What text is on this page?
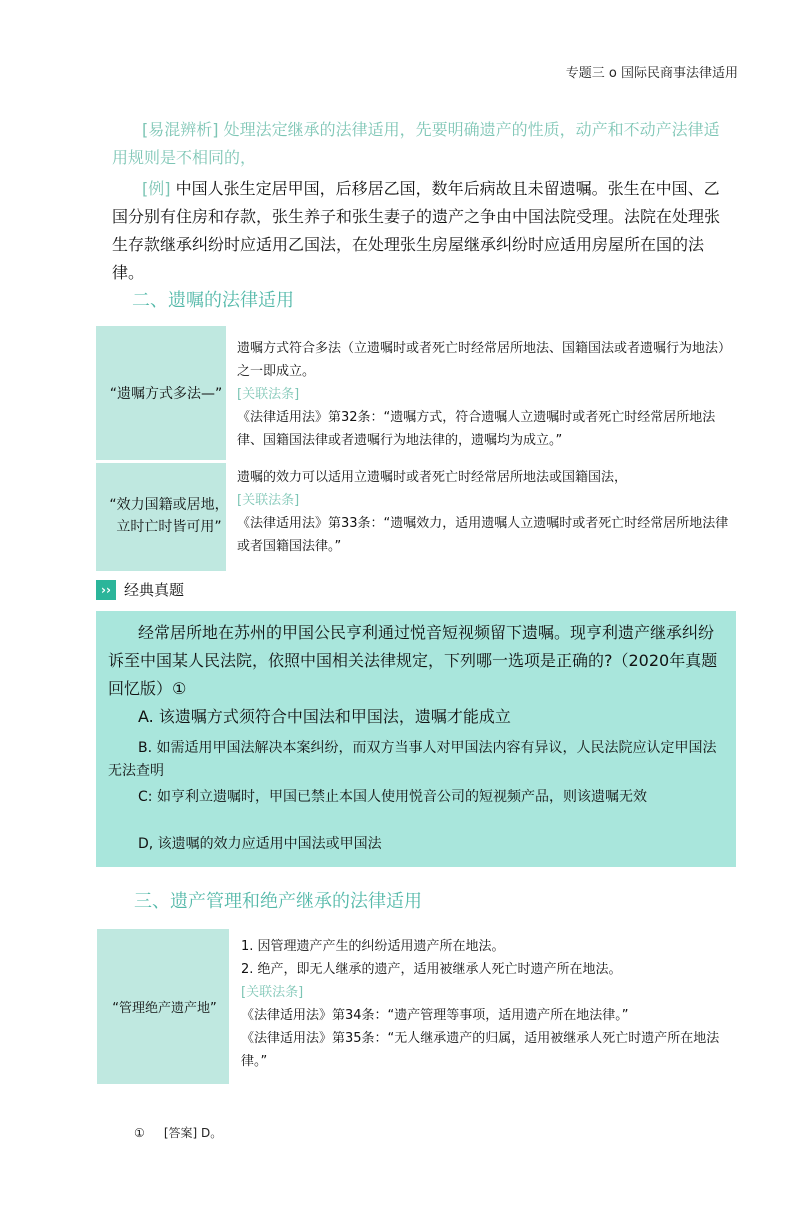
专题三 o 国际民商事法律适用
[易混辨析] 处理法定继承的法律适用，先要明确遗产的性质，动产和不动产法律适用规则是不相同的，
[例] 中国人张生定居甲国，后移居乙国，数年后病故且未留遗嘱。张生在中国、乙国分别有住房和存款，张生养子和张生妻子的遗产之争由中国法院受理。法院在处理张生存款继承纠纷时应适用乙国法，在处理张生房屋继承纠纷时应适用房屋所在国的法律。
二、遗嘱的法律适用
“遗嘱方式多法—”
遗嘱方式符合多法（立遗嘱时或者死亡时经常居所地法、国籍国法或者遗嘱行为地法）之一即成立。
[关联法条]
《法律适用法》第32条：“遗嘱方式，符合遗嘱人立遗嘱时或者死亡时经常居所地法律、国籍国法律或者遗嘱行为地法律的，遗嘱均为成立。”
“效力国籍或居地，立时亡时皆可用”
遗嘱的效力可以适用立遗嘱时或者死亡时经常居所地法或国籍国法，
[关联法条]
《法律适用法》第33条：“遗嘱效力，适用遗嘱人立遗嘱时或者死亡时经常居所地法律或者国籍国法律。”
›› 经典真题
经常居所地在苏州的甲国公民亨利通过悦音短视频留下遗嘱。现亨利遗产继承纠纷诉至中国某人民法院，依照中国相关法律规定，下列哪一选项是正确的?（2020年真题回忆版）①
A. 该遗嘱方式须符合中国法和甲国法，遗嘱才能成立
B. 如需适用甲国法解决本案纠纷，而双方当事人对甲国法内容有异议，人民法院应认定甲国法无法查明
C: 如亨利立遗嘱时，甲国已禁止本国人使用悦音公司的短视频产品，则该遗嘱无效
D, 该遗嘱的效力应适用中国法或甲国法
三、遗产管理和绝产继承的法律适用
“管理绝产遗产地”
1. 因管理遗产产生的纠纷适用遗产所在地法。
2. 绝产，即无人继承的遗产，适用被继承人死亡时遗产所在地法。
[关联法条]
《法律适用法》第34条：“遗产管理等事项，适用遗产所在地法律。”
《法律适用法》第35条：“无人继承遗产的归属，适用被继承人死亡时遗产所在地法律。”
① [答案] D。
